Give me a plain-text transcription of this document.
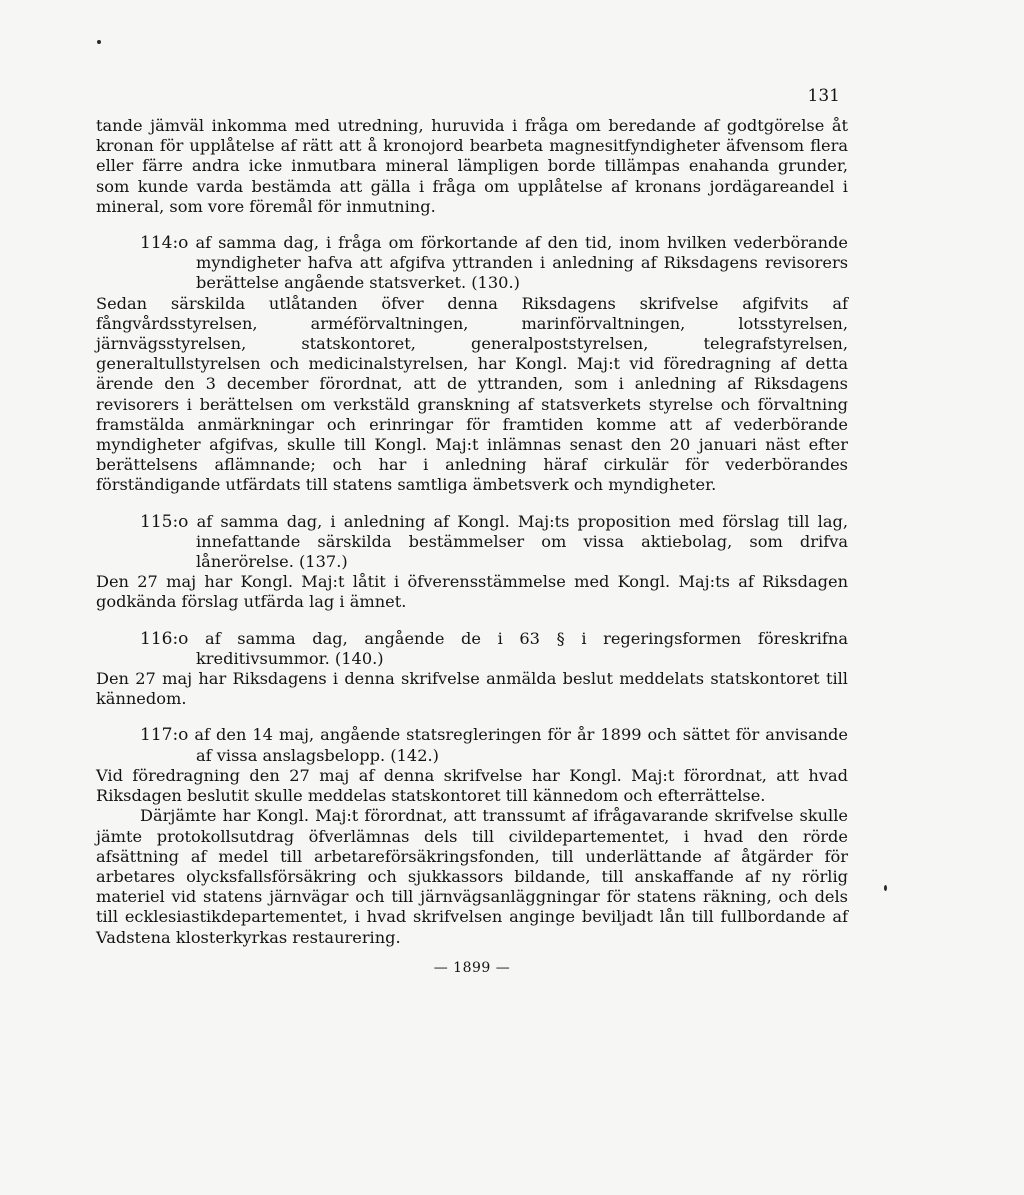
131

tande jämväl inkomma med utredning, huruvida i fråga om beredande af godtgörelse åt kronan för upplåtelse af rätt att å kronojord bearbeta magnesitfyndigheter äfvensom flera eller färre andra icke inmutbara mineral lämpligen borde tillämpas enahanda grunder, som kunde varda bestämda att gälla i fråga om upplåtelse af kronans jordägareandel i mineral, som vore föremål för inmutning.

114:o af samma dag, i fråga om förkortande af den tid, inom hvilken vederbörande myndigheter hafva att afgifva yttranden i anledning af Riksdagens revisorers berättelse angående statsverket. (130.)

Sedan särskilda utlåtanden öfver denna Riksdagens skrifvelse afgifvits af fångvårdsstyrelsen, arméförvaltningen, marinförvaltningen, lotsstyrelsen, järnvägsstyrelsen, statskontoret, generalpoststyrelsen, telegrafstyrelsen, generaltullstyrelsen och medicinalstyrelsen, har Kongl. Maj:t vid föredragning af detta ärende den 3 december förordnat, att de yttranden, som i anledning af Riksdagens revisorers i berättelsen om verkstäld granskning af statsverkets styrelse och förvaltning framstälda anmärkningar och erinringar för framtiden komme att af vederbörande myndigheter afgifvas, skulle till Kongl. Maj:t inlämnas senast den 20 januari näst efter berättelsens aflämnande; och har i anledning häraf cirkulär för vederbörandes förständigande utfärdats till statens samtliga ämbetsverk och myndigheter.

115:o af samma dag, i anledning af Kongl. Maj:ts proposition med förslag till lag, innefattande särskilda bestämmelser om vissa aktiebolag, som drifva lånerörelse. (137.)

Den 27 maj har Kongl. Maj:t låtit i öfverensstämmelse med Kongl. Maj:ts af Riksdagen godkända förslag utfärda lag i ämnet.

116:o af samma dag, angående de i 63 § i regeringsformen föreskrifna kreditivsummor. (140.)

Den 27 maj har Riksdagens i denna skrifvelse anmälda beslut meddelats statskontoret till kännedom.

117:o af den 14 maj, angående statsregleringen för år 1899 och sättet för anvisande af vissa anslagsbelopp. (142.)

Vid föredragning den 27 maj af denna skrifvelse har Kongl. Maj:t förordnat, att hvad Riksdagen beslutit skulle meddelas statskontoret till kännedom och efterrättelse.

Därjämte har Kongl. Maj:t förordnat, att transsumt af ifrågavarande skrifvelse skulle jämte protokollsutdrag öfverlämnas dels till civildepartementet, i hvad den rörde afsättning af medel till arbetareförsäkringsfonden, till underlättande af åtgärder för arbetares olycksfallsförsäkring och sjukkassors bildande, till anskaffande af ny rörlig materiel vid statens järnvägar och till järnvägsanläggningar för statens räkning, och dels till ecklesiastikdepartementet, i hvad skrifvelsen anginge beviljadt lån till fullbordande af Vadstena klosterkyrkas restaurering.

— 1899 —
